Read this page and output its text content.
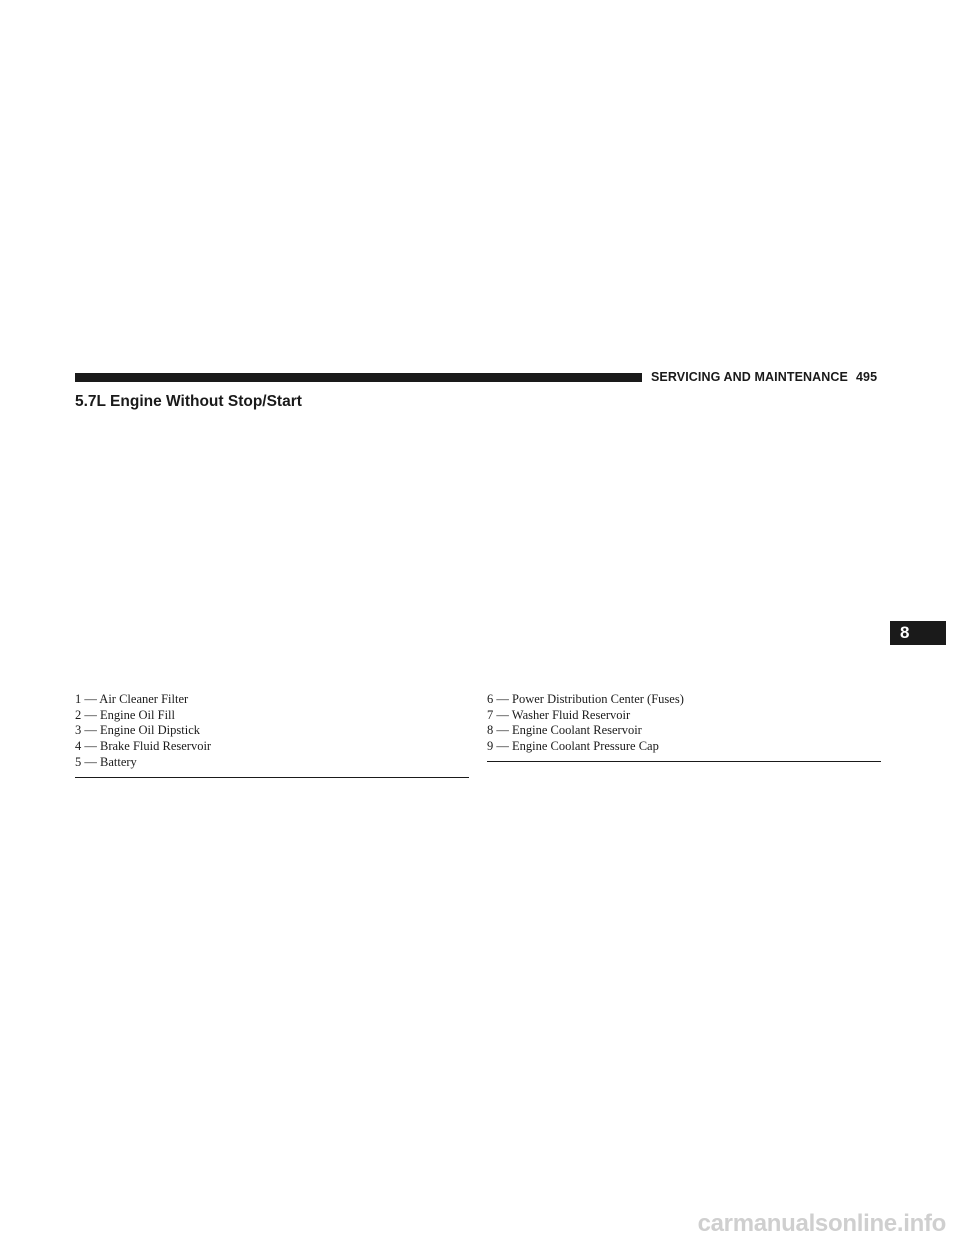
SERVICING AND MAINTENANCE 495
5.7L Engine Without Stop/Start
8
1 — Air Cleaner Filter
2 — Engine Oil Fill
3 — Engine Oil Dipstick
4 — Brake Fluid Reservoir
5 — Battery
6 — Power Distribution Center (Fuses)
7 — Washer Fluid Reservoir
8 — Engine Coolant Reservoir
9 — Engine Coolant Pressure Cap
carmanualsonline.info
